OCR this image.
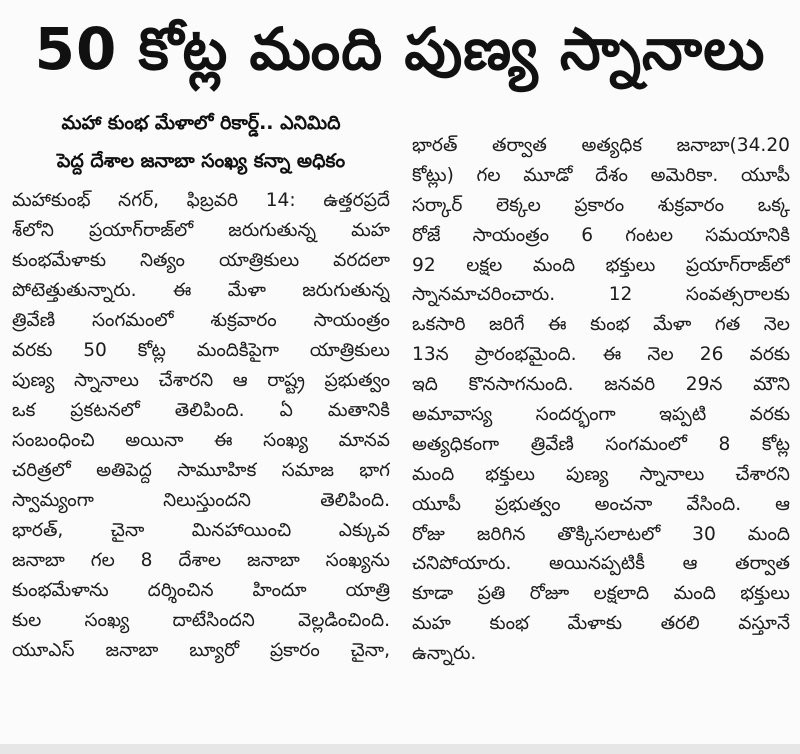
50 కోట్ల మంది పుణ్య స్నానాలు
మహా కుంభ మేళాలో రికార్డ్.. ఎనిమిది
పెద్ద దేశాల జనాబా సంఖ్య కన్నా అధికం
మహాకుంభ్ నగర్, ఫిబ్రవరి 14: ఉత్తరప్రదే
శ్‌లోని ప్రయాగ్‌రాజ్‌లో జరుగుతున్న మహ
కుంభమేళాకు నిత్యం యాత్రికులు వరదలా
పోటెత్తుతున్నారు. ఈ మేళా జరుగుతున్న
త్రివేణి సంగమంలో శుక్రవారం సాయంత్రం
వరకు 50 కోట్ల మందికిపైగా యాత్రికులు
పుణ్య స్నానాలు చేశారని ఆ రాష్ట్ర ప్రభుత్వం
ఒక ప్రకటనలో తెలిపింది. ఏ మతానికి
సంబంధించి అయినా ఈ సంఖ్య మానవ
చరిత్రలో అతిపెద్ద సామూహిక సమాజ భాగ
స్వామ్యంగా నిలుస్తుందని తెలిపింది.
భారత్, చైనా మినహాయించి ఎక్కువ
జనాబా గల 8 దేశాల జనాబా సంఖ్యను
కుంభమేళాను దర్శించిన హిందూ యాత్రి
కుల సంఖ్య దాటేసిందని వెల్లడించింది.
యూఎస్ జనాబా బ్యూరో ప్రకారం చైనా,
భారత్ తర్వాత అత్యధిక జనాబా(34.20
కోట్లు) గల మూడో దేశం అమెరికా. యూపీ
సర్కార్ లెక్కల ప్రకారం శుక్రవారం ఒక్క
రోజే సాయంత్రం 6 గంటల సమయానికి
92 లక్షల మంది భక్తులు ప్రయాగ్‌రాజ్‌లో
స్నానమాచరించారు. 12 సంవత్సరాలకు
ఒకసారి జరిగే ఈ కుంభ మేళా గత నెల
13న ప్రారంభమైంది. ఈ నెల 26 వరకు
ఇది కొనసాగనుంది. జనవరి 29న మౌని
అమావాస్య సందర్భంగా ఇప్పటి వరకు
అత్యధికంగా త్రివేణి సంగమంలో 8 కోట్ల
మంది భక్తులు పుణ్య స్నానాలు చేశారని
యూపీ ప్రభుత్వం అంచనా వేసింది. ఆ
రోజు జరిగిన తొక్కిసలాటలో 30 మంది
చనిపోయారు. అయినప్పటికీ ఆ తర్వాత
కూడా ప్రతి రోజూ లక్షలాది మంది భక్తులు
మహ కుంభ మేళాకు తరలి వస్తూనే
ఉన్నారు.
